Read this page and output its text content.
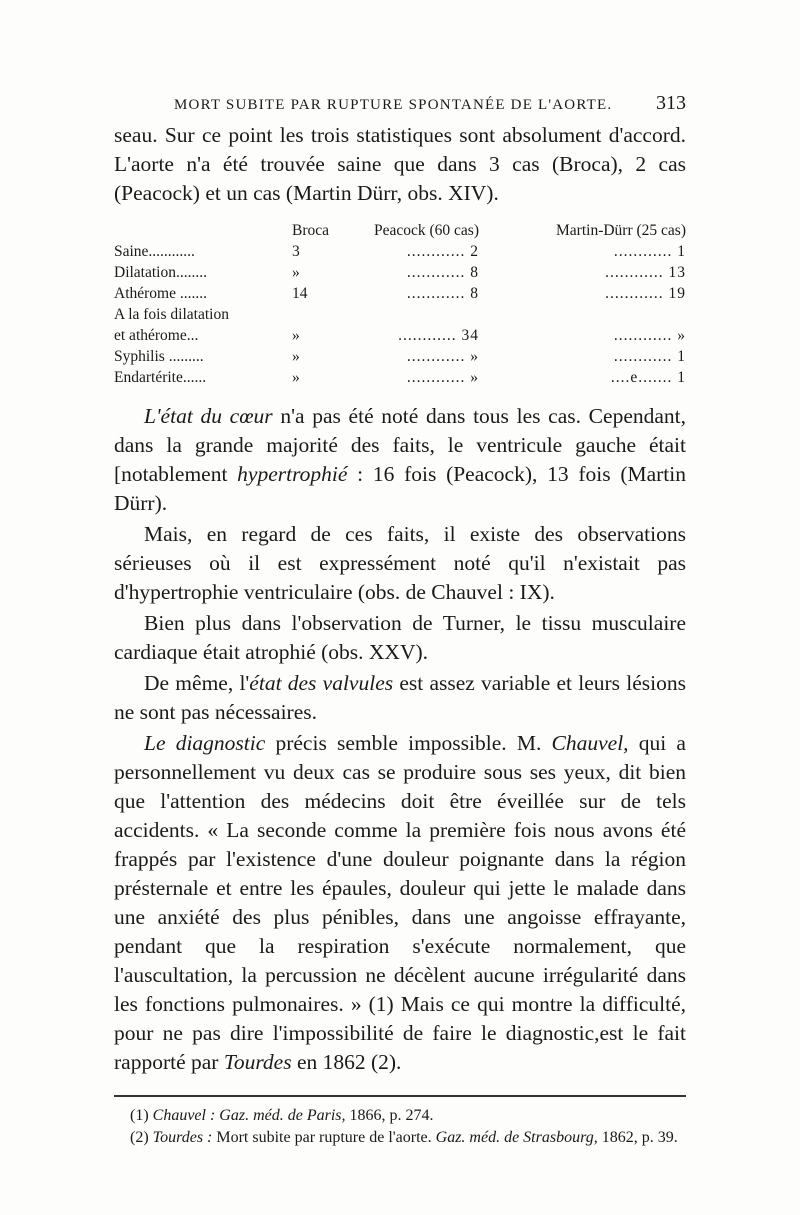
MORT SUBITE PAR RUPTURE SPONTANÉE DE L'AORTE. 313

seau. Sur ce point les trois statistiques sont absolument d'accord. L'aorte n'a été trouvée saine que dans 3 cas (Broca), 2 cas (Peacock) et un cas (Martin Dürr, obs. XIV).

	Broca	Peacock (60 cas)	Martin-Dürr (25 cas)
Saine............	3	............ 2	............ 1
Dilatation........	»	............ 8	............ 13
Athérome .......	14	............ 8	............ 19
A la fois dilatation			
et athérome...	»	............ 34	............ »
Syphilis .........	»	............ »	............ 1
Endartérite......	»	............ »	....e....... 1

L'état du cœur n'a pas été noté dans tous les cas. Cependant, dans la grande majorité des faits, le ventricule gauche était [notablement hypertrophié : 16 fois (Peacock), 13 fois (Martin Dürr).

Mais, en regard de ces faits, il existe des observations sérieuses où il est expressément noté qu'il n'existait pas d'hypertrophie ventriculaire (obs. de Chauvel : IX).

Bien plus dans l'observation de Turner, le tissu musculaire cardiaque était atrophié (obs. XXV).

De même, l'état des valvules est assez variable et leurs lésions ne sont pas nécessaires.

Le diagnostic précis semble impossible. M. Chauvel, qui a personnellement vu deux cas se produire sous ses yeux, dit bien que l'attention des médecins doit être éveillée sur de tels accidents. « La seconde comme la première fois nous avons été frappés par l'existence d'une douleur poignante dans la région présternale et entre les épaules, douleur qui jette le malade dans une anxiété des plus pénibles, dans une angoisse effrayante, pendant que la respiration s'exécute normalement, que l'auscultation, la percussion ne décèlent aucune irrégularité dans les fonctions pulmonaires. » (1) Mais ce qui montre la difficulté, pour ne pas dire l'impossibilité de faire le diagnostic,est le fait rapporté par Tourdes en 1862 (2).

(1) Chauvel : Gaz. méd. de Paris, 1866, p. 274.

(2) Tourdes : Mort subite par rupture de l'aorte. Gaz. méd. de Strasbourg, 1862, p. 39.
